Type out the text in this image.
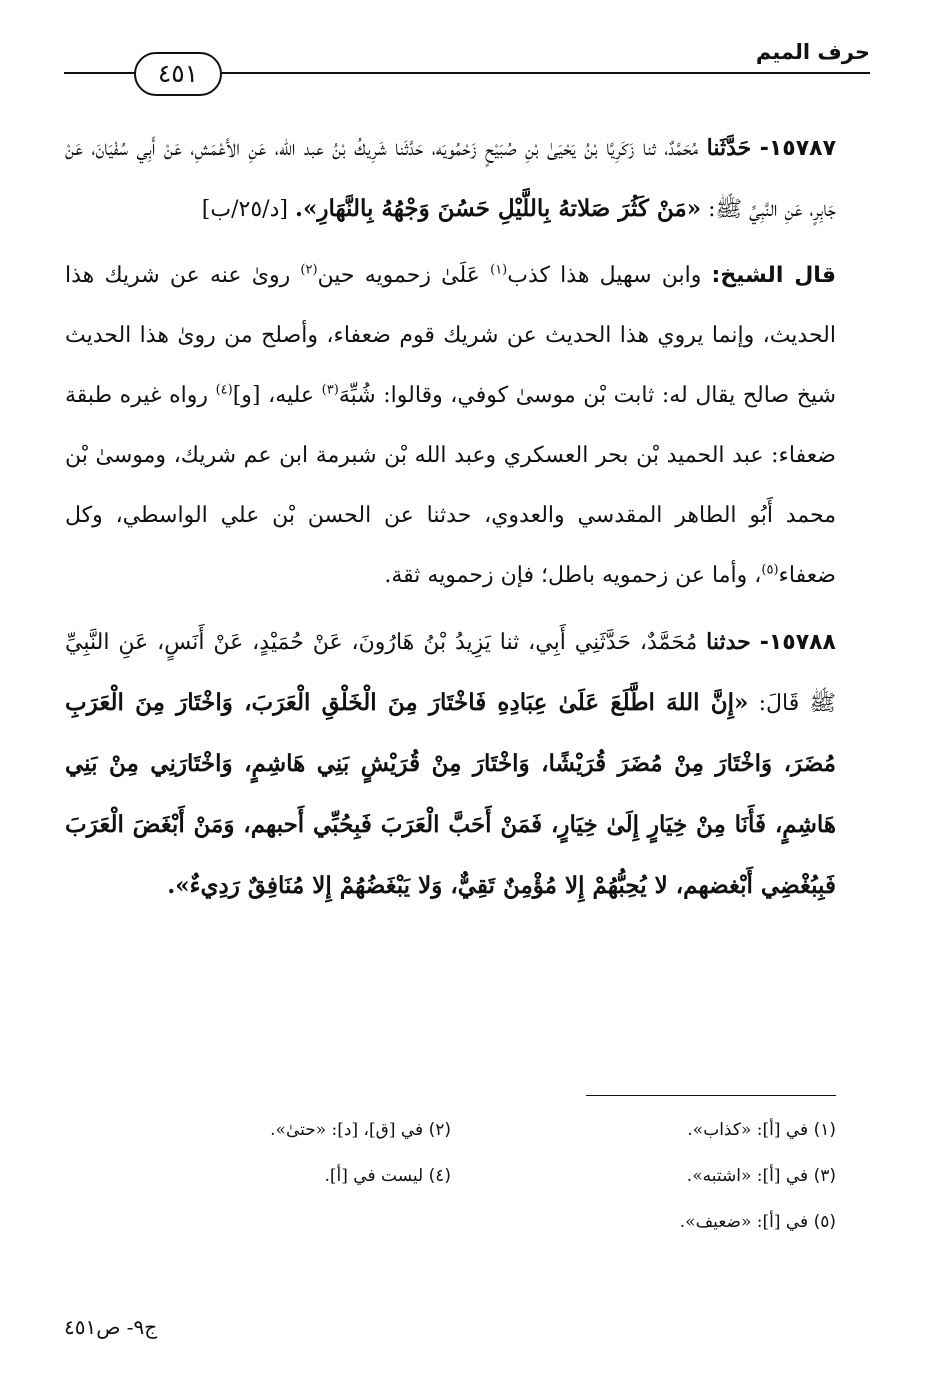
حرف الميم
٤٥١

١٥٧٨٧- حَدَّثَنا مُحَمَّدٌ، ثنا زَكَرِيَّا بْنُ يَحْيَىٰ بْنِ صُبَيْحٍ زَحْمُويَه، حَدَّثَنا شَرِيكُ بْنُ عبد الله، عَنِ الأَعْمَشِ، عَنْ أَبِي سُفْيَانَ، عَنْ جَابِرٍ، عَنِ النَّبِيِّ ﷺ: «مَنْ كَثُرَ صَلاتهُ بِاللَّيْلِ حَسُنَ وَجْهُهُ بِالنَّهَارِ». [د/٢٥/ب]

قال الشيخ: وابن سهيل هذا كذب$^{(١)}$ عَلَىٰ زحمويه حين$^{(٢)}$ روىٰ عنه عن شريك هذا الحديث، وإنما يروي هذا الحديث عن شريك قوم ضعفاء، وأصلح من روىٰ هذا الحديث شيخ صالح يقال له: ثابت بْن موسىٰ كوفي، وقالوا: شُبِّهَ$^{(٣)}$ عليه، [و]$^{(٤)}$ رواه غيره طبقة ضعفاء: عبد الحميد بْن بحر العسكري وعبد الله بْن شبرمة ابن عم شريك، وموسىٰ بْن محمد أَبُو الطاهر المقدسي والعدوي، حدثنا عن الحسن بْن علي الواسطي، وكل ضعفاء$^{(٥)}$، وأما عن زحمويه باطل؛ فإن زحمويه ثقة.

١٥٧٨٨- حدثنا مُحَمَّدٌ، حَدَّثَنِي أَبِي، ثنا يَزِيدُ بْنُ هَارُونَ، عَنْ حُمَيْدٍ، عَنْ أَنَسٍ، عَنِ النَّبِيِّ ﷺ قَالَ: «إِنَّ اللهَ اطَّلَعَ عَلَىٰ عِبَادِهِ فَاخْتَارَ مِنَ الْخَلْقِ الْعَرَبَ، وَاخْتَارَ مِنَ الْعَرَبِ مُضَرَ، وَاخْتَارَ مِنْ مُضَرَ قُرَيْشًا، وَاخْتَارَ مِنْ قُرَيْشٍ بَنِي هَاشِمٍ، وَاخْتَارَنِي مِنْ بَنِي هَاشِمٍ، فَأَنَا مِنْ خِيَارٍ إِلَىٰ خِيَارٍ، فَمَنْ أَحَبَّ الْعَرَبَ فَبِحُبِّي أَحبهم، وَمَنْ أَبْغَضَ الْعَرَبَ فَبِبُغْضِي أَبْغضهم، لا يُحِبُّهُمْ إِلا مُؤْمِنٌ تَقِيٌّ، وَلا يَبْغَضُهُمْ إِلا مُنَافِقٌ رَدِيءٌ».

(١) في [أ]: «كذاب».
(٢) في [ق]، [د]: «حتىٰ».
(٣) في [أ]: «اشتبه».
(٤) ليست في [أ].
(٥) في [أ]: «ضعيف».
ج٩- ص٤٥١
